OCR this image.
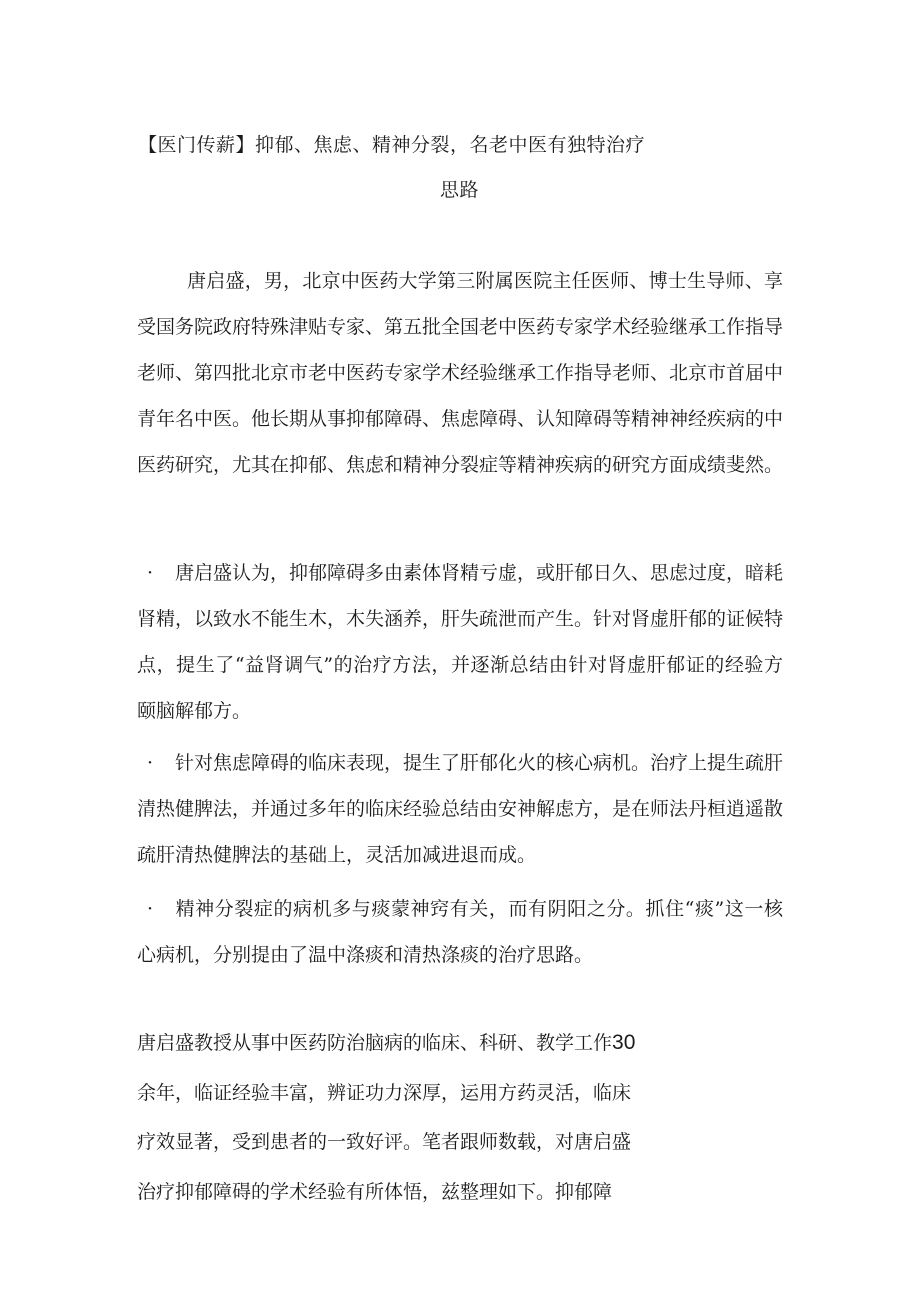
【医门传薪】抑郁、焦虑、精神分裂，名老中医有独特治疗
思路

唐启盛，男，北京中医药大学第三附属医院主任医师、博士生导师、享受国务院政府特殊津贴专家、第五批全国老中医药专家学术经验继承工作指导老师、第四批北京市老中医药专家学术经验继承工作指导老师、北京市首届中青年名中医。他长期从事抑郁障碍、焦虑障碍、认知障碍等精神神经疾病的中医药研究，尤其在抑郁、焦虑和精神分裂症等精神疾病的研究方面成绩斐然。

· 唐启盛认为，抑郁障碍多由素体肾精亏虚，或肝郁日久、思虑过度，暗耗肾精，以致水不能生木，木失涵养，肝失疏泄而产生。针对肾虚肝郁的证候特点，提生了“益肾调气”的治疗方法，并逐渐总结由针对肾虚肝郁证的经验方颐脑解郁方。

· 针对焦虑障碍的临床表现，提生了肝郁化火的核心病机。治疗上提生疏肝清热健脾法，并通过多年的临床经验总结由安神解虑方，是在师法丹桓逍遥散疏肝清热健脾法的基础上，灵活加减进退而成。

· 精神分裂症的病机多与痰蒙神窍有关，而有阴阳之分。抓住“痰”这一核心病机，分别提由了温中涤痰和清热涤痰的治疗思路。

唐启盛教授从事中医药防治脑病的临床、科研、教学工作30
余年，临证经验丰富，辨证功力深厚，运用方药灵活，临床
疗效显著，受到患者的一致好评。笔者跟师数载，对唐启盛
治疗抑郁障碍的学术经验有所体悟，兹整理如下。抑郁障
